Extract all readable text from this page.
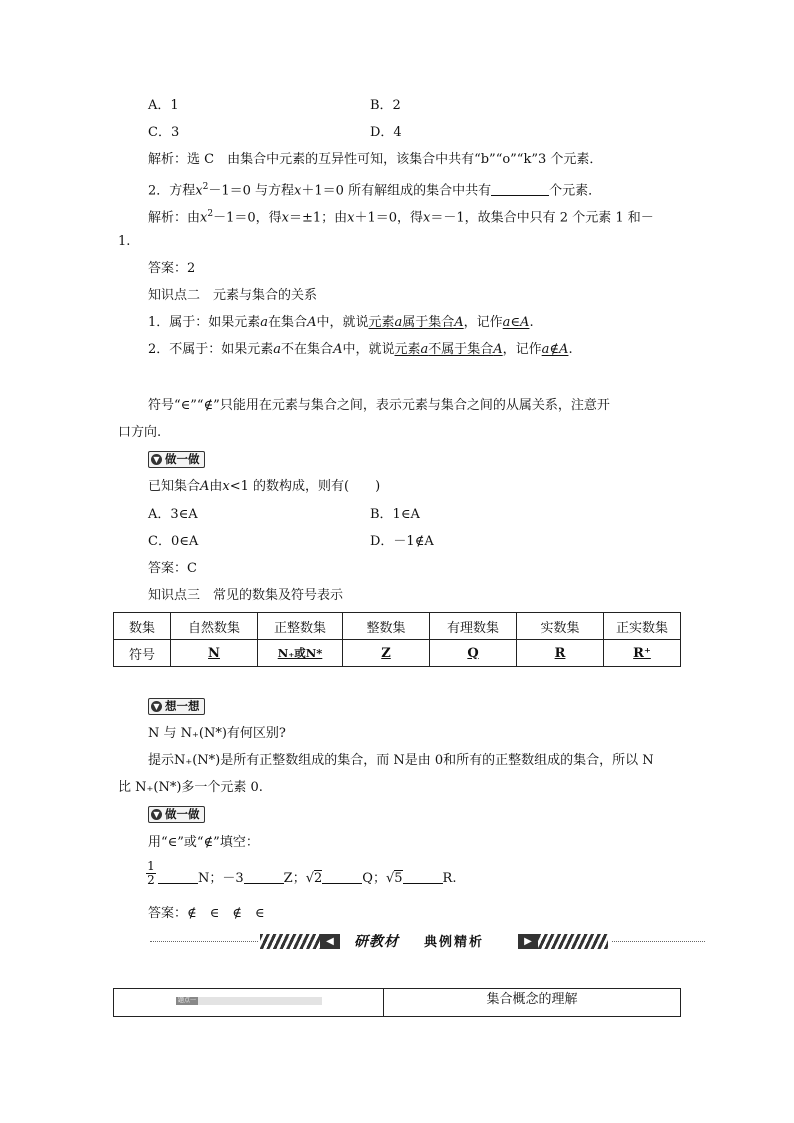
A．1	B．2
C．3	D．4
解析：选 C　由集合中元素的互异性可知，该集合中共有“b”“o”“k”3 个元素．
2．方程$x^2-1=0$ 与方程x＋1＝0 所有解组成的集合中共有	个元素．
解析：由$x^2-1=0$，得x＝±1；由x＋1＝0，得x＝－1，故集合中只有 2 个元素 1 和－
1.
答案：2
知识点二　元素与集合的关系
1．属于：如果元素a在集合A中，就说元素a属于集合A，记作a∈A.
2．不属于：如果元素a不在集合A中，就说元素a不属于集合A，记作a∉A.
符号“∈”“∉”只能用在元素与集合之间，表示元素与集合之间的从属关系，注意开
口方向.
▼ 做一做
已知集合A由x<1 的数构成，则有(　　)
A．3∈A	B．1∈A
C．0∈A	D．－1∉A
答案：C
知识点三　常见的数集及符号表示
数集	自然数集	正整数集	整数集	有理数集	实数集	正实数集
符号	N	N₊或N*	Z	Q	R	R⁺
▼ 想一想
N 与 N₊(N*)有何区别?
提示N₊(N*)是所有正整数组成的集合，而 N是由 0和所有的正整数组成的集合，所以 N
比 N₊(N*)多一个元素 0.
▼ 做一做
用“∈”或“∉”填空：
$\frac{1}{2}$	N；－3	Z；√2	Q；√5	R.
答案：∉　∈　∉　∈
◀	研教材 典例精析	▶
题点一	集合概念的理解
